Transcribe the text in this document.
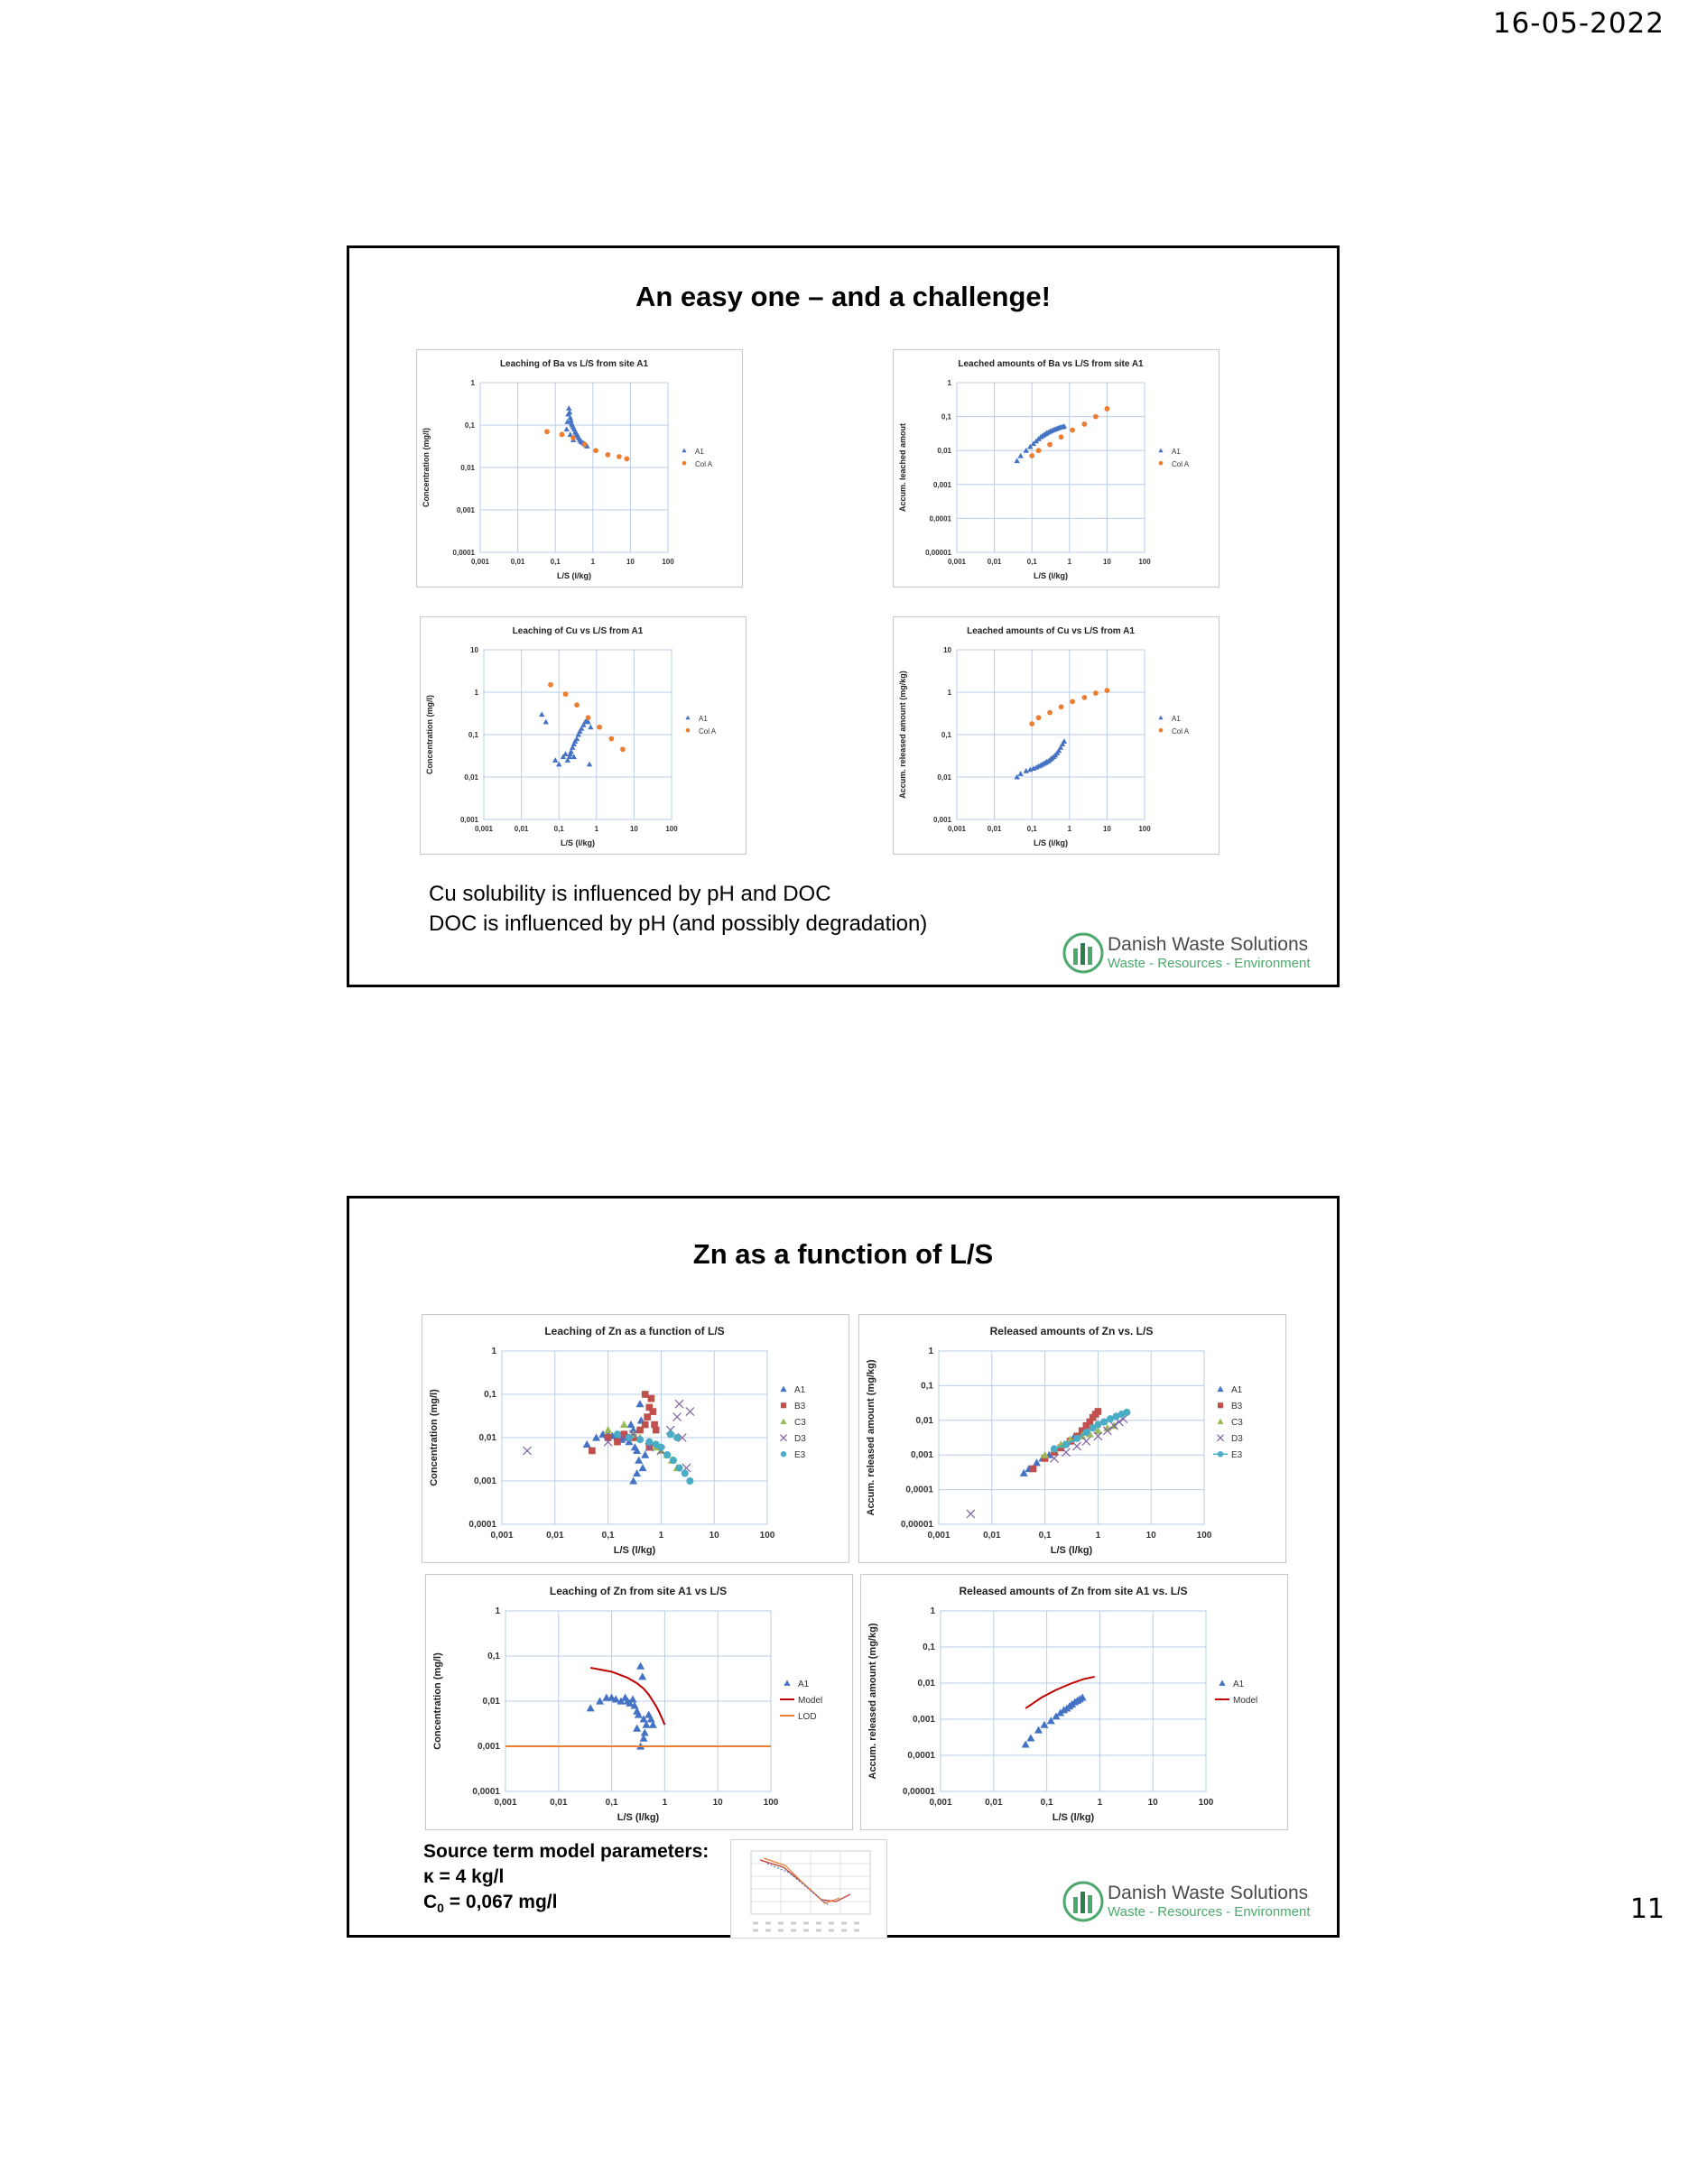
16-05-2022
An easy one – and a challenge!
Leaching of Ba vs L/S from site A1
0,001	0,01	0,1	1	10	100
0,0001
0,001
0,01
0,1
1
L/S (l/kg)
Concentration (mg/l)	A1
Col A
Leached amounts of Ba vs L/S from site A1
0,001	0,01	0,1	1	10	100
0,00001
0,0001
0,001
0,01
0,1
1
L/S (l/kg)
Accum. leached amout	A1
Col A
Leaching of Cu vs L/S from A1
0,001	0,01	0,1	1	10	100
0,001
0,01
0,1
1
10
L/S (l/kg)
Concentration (mg/l)	A1
Col A
Leached amounts of Cu vs L/S from A1
0,001	0,01	0,1	1	10	100
0,001
0,01
0,1
1
10
L/S (l/kg)
Accum. released amount (mg/kg)	A1
Col A
Cu solubility is influenced by pH and DOC
DOC is influenced by pH (and possibly degradation)
Danish Waste Solutions
Waste - Resources - Environment
Zn as a function of L/S
Leaching of Zn as a function of L/S
0,001	0,01	0,1	1	10	100
0,0001
0,001
0,01
0,1
1
L/S (l/kg)
Concentration (mg/l)	A1
B3
C3
D3
E3
Released amounts of Zn vs. L/S
0,001	0,01	0,1	1	10	100
0,00001
0,0001
0,001
0,01
0,1
1
L/S (l/kg)
Accum. released amount (mg/kg)	A1
B3
C3
D3
E3
Leaching of Zn from site A1 vs L/S
0,001	0,01	0,1	1	10	100
0,0001
0,001
0,01
0,1
1
L/S (l/kg)
Concentration (mg/l)	A1
Model
LOD
Released amounts of Zn from site A1 vs. L/S
0,001	0,01	0,1	1	10	100
0,00001
0,0001
0,001
0,01
0,1
1
L/S (l/kg)
Accum. released amount (mg/kg)	A1
Model
Source term model parameters:
κ = 4 kg/l
$C_0 = 0,067$ mg/l	Danish Waste Solutions
Waste - Resources - Environment	11
